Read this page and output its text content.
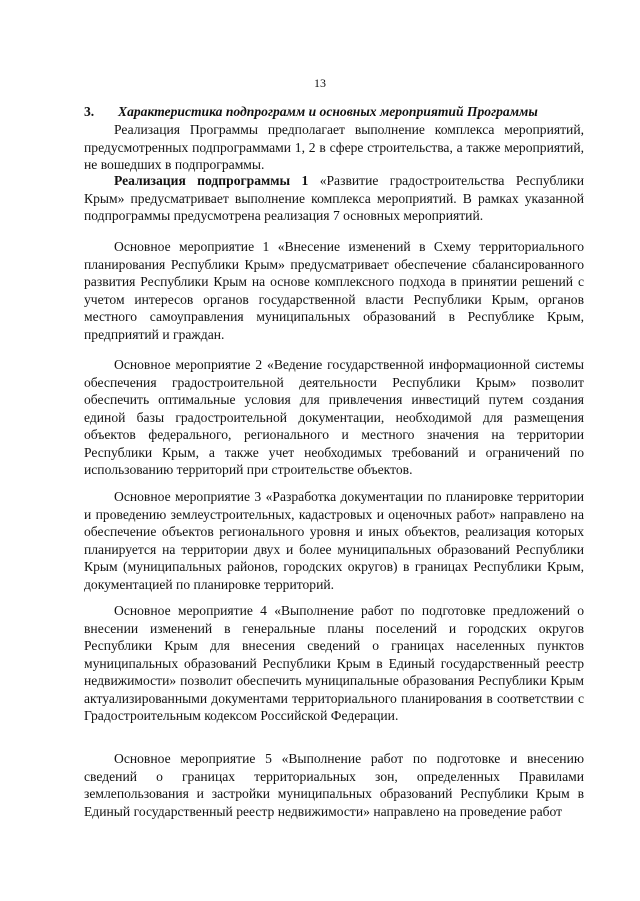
13
3. Характеристика подпрограмм и основных мероприятий Программы
Реализация Программы предполагает выполнение комплекса мероприятий, предусмотренных подпрограммами 1, 2 в сфере строительства, а также мероприятий, не вошедших в подпрограммы.
Реализация подпрограммы 1 «Развитие градостроительства Республики Крым» предусматривает выполнение комплекса мероприятий. В рамках указанной подпрограммы предусмотрена реализация 7 основных мероприятий.
Основное мероприятие 1 «Внесение изменений в Схему территориального планирования Республики Крым» предусматривает обеспечение сбалансированного развития Республики Крым на основе комплексного подхода в принятии решений с учетом интересов органов государственной власти Республики Крым, органов местного самоуправления муниципальных образований в Республике Крым, предприятий и граждан.
Основное мероприятие 2 «Ведение государственной информационной системы обеспечения градостроительной деятельности Республики Крым» позволит обеспечить оптимальные условия для привлечения инвестиций путем создания единой базы градостроительной документации, необходимой для размещения объектов федерального, регионального и местного значения на территории Республики Крым, а также учет необходимых требований и ограничений по использованию территорий при строительстве объектов.
Основное мероприятие 3 «Разработка документации по планировке территории и проведению землеустроительных, кадастровых и оценочных работ» направлено на обеспечение объектов регионального уровня и иных объектов, реализация которых планируется на территории двух и более муниципальных образований Республики Крым (муниципальных районов, городских округов) в границах Республики Крым, документацией по планировке территорий.
Основное мероприятие 4 «Выполнение работ по подготовке предложений о внесении изменений в генеральные планы поселений и городских округов Республики Крым для внесения сведений о границах населенных пунктов муниципальных образований Республики Крым в Единый государственный реестр недвижимости» позволит обеспечить муниципальные образования Республики Крым актуализированными документами территориального планирования в соответствии с Градостроительным кодексом Российской Федерации.
Основное мероприятие 5 «Выполнение работ по подготовке и внесению сведений о границах территориальных зон, определенных Правилами землепользования и застройки муниципальных образований Республики Крым в Единый государственный реестр недвижимости» направлено на проведение работ
